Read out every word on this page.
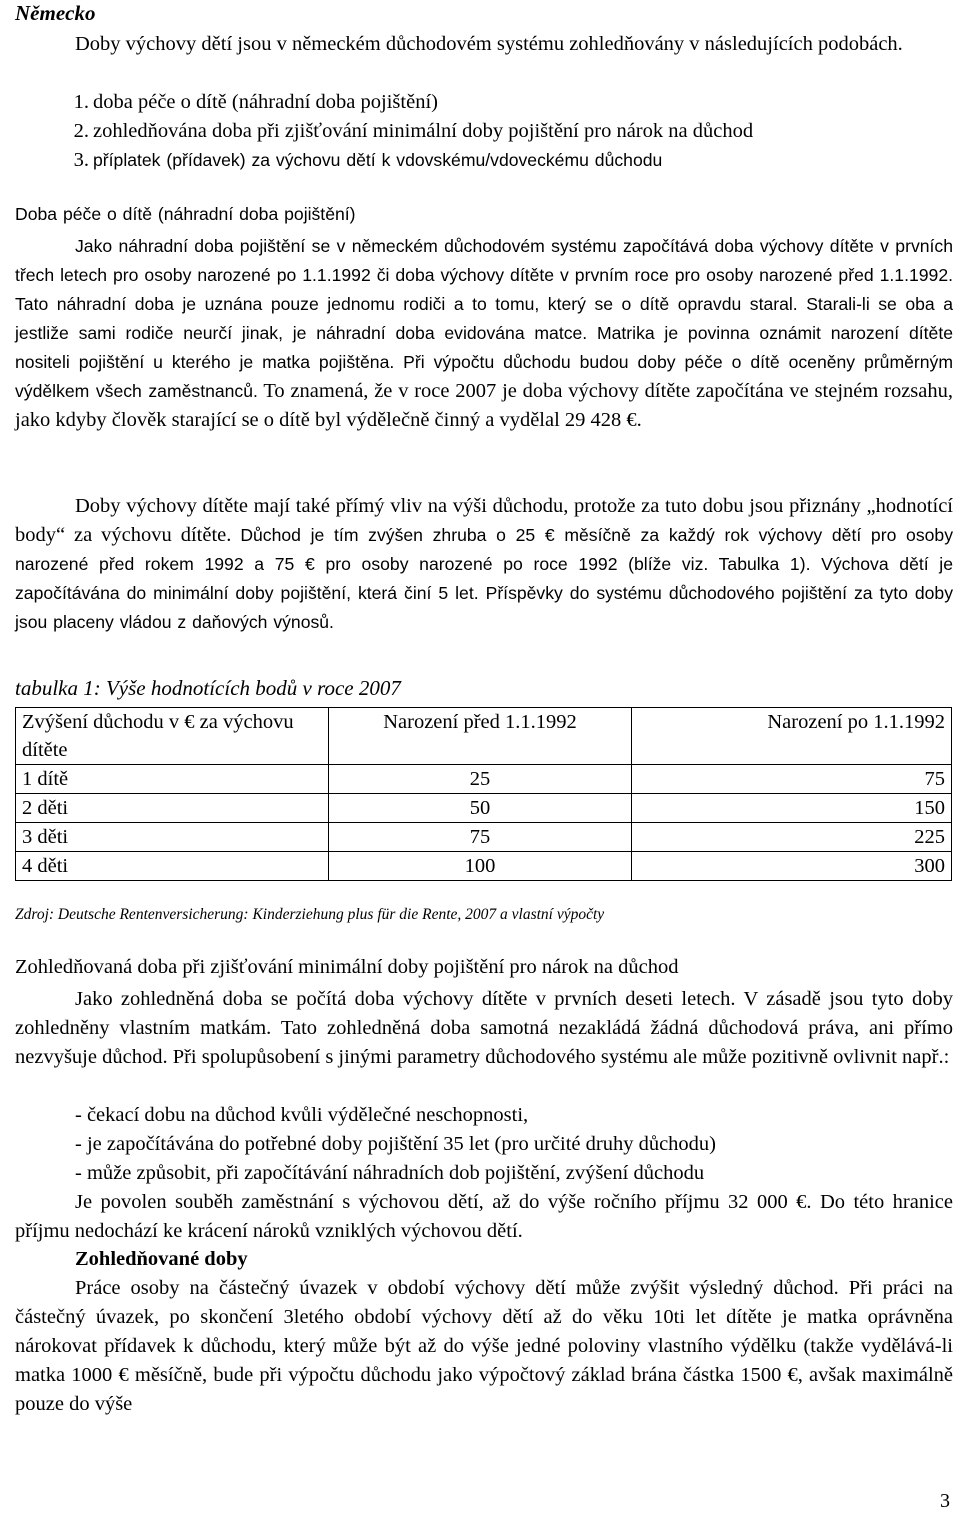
Německo
Doby výchovy dětí jsou v německém důchodovém systému zohledňovány v následujících podobách.
1. doba péče o dítě (náhradní doba pojištění)
2. zohledňována doba při zjišťování minimální doby pojištění pro nárok na důchod
3. příplatek (přídavek) za výchovu dětí k vdovskému/vdoveckému důchodu
Doba péče o dítě (náhradní doba pojištění)
Jako náhradní doba pojištění se v německém důchodovém systému započítává doba výchovy dítěte v prvních třech letech pro osoby narozené po 1.1.1992 či doba výchovy dítěte v prvním roce pro osoby narozené před 1.1.1992. Tato náhradní doba je uznána pouze jednomu rodiči a to tomu, který se o dítě opravdu staral. Starali-li se oba a jestliže sami rodiče neurčí jinak, je náhradní doba evidována matce. Matrika je povinna oznámit narození dítěte nositeli pojištění u kterého je matka pojištěna. Při výpočtu důchodu budou doby péče o dítě oceněny průměrným výdělkem všech zaměstnanců. To znamená, že v roce 2007 je doba výchovy dítěte započítána ve stejném rozsahu, jako kdyby člověk starající se o dítě byl výdělečně činný a vydělal 29 428 €.
Doby výchovy dítěte mají také přímý vliv na výši důchodu, protože za tuto dobu jsou přiznány „hodnotící body“ za výchovu dítěte. Důchod je tím zvýšen zhruba o 25 € měsíčně za každý rok výchovy dětí pro osoby narozené před rokem 1992 a 75 € pro osoby narozené po roce 1992 (blíže viz. Tabulka 1). Výchova dětí je započítávána do minimální doby pojištění, která činí 5 let. Příspěvky do systému důchodového pojištění za tyto doby jsou placeny vládou z daňových výnosů.
tabulka 1: Výše hodnotících bodů v roce 2007
Zvýšení důchodu v € za výchovu dítěte	Narození před 1.1.1992	Narození po 1.1.1992
1 dítě	25	75
2 děti	50	150
3 děti	75	225
4 děti	100	300
Zdroj: Deutsche Rentenversicherung: Kinderziehung plus für die Rente, 2007 a vlastní výpočty
Zohledňovaná doba při zjišťování minimální doby pojištění pro nárok na důchod
Jako zohledněná doba se počítá doba výchovy dítěte v prvních deseti letech. V zásadě jsou tyto doby zohledněny vlastním matkám. Tato zohledněná doba samotná nezakládá žádná důchodová práva, ani přímo nezvyšuje důchod. Při spolupůsobení s jinými parametry důchodového systému ale může pozitivně ovlivnit např.:
- čekací dobu na důchod kvůli výdělečné neschopnosti,
- je započítávána do potřebné doby pojištění 35 let (pro určité druhy důchodu)
- může způsobit, při započítávání náhradních dob pojištění, zvýšení důchodu
Je povolen souběh zaměstnání s výchovou dětí, až do výše ročního příjmu 32 000 €. Do této hranice příjmu nedochází ke krácení nároků vzniklých výchovou dětí.
Zohledňované doby
Práce osoby na částečný úvazek v období výchovy dětí může zvýšit výsledný důchod. Při práci na částečný úvazek, po skončení 3letého období výchovy dětí až do věku 10ti let dítěte je matka oprávněna nárokovat přídavek k důchodu, který může být až do výše jedné poloviny vlastního výdělku (takže vydělává-li matka 1000 € měsíčně, bude při výpočtu důchodu jako výpočtový základ brána částka 1500 €, avšak maximálně pouze do výše
3
